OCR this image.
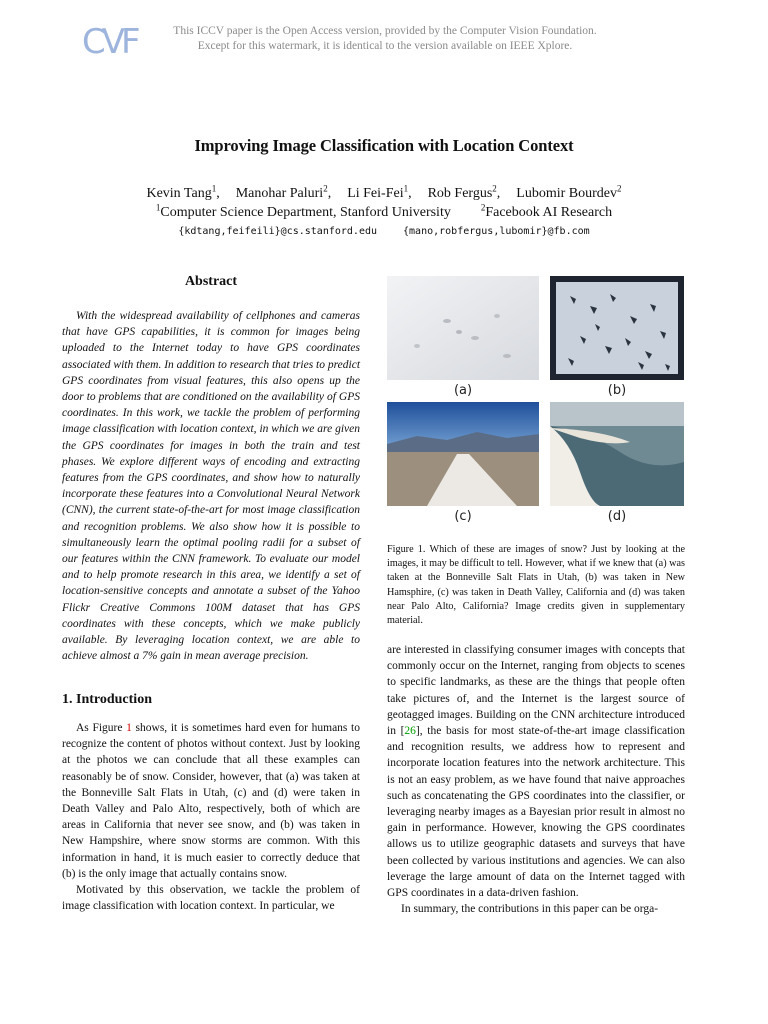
CVF	This ICCV paper is the Open Access version, provided by the Computer Vision Foundation.
Except for this watermark, it is identical to the version available on IEEE Xplore.
Improving Image Classification with Location Context
Kevin Tang$^1$, Manohar Paluri$^2$, Li Fei-Fei$^1$, Rob Fergus$^2$, Lubomir Bourdev$^2$
$^1$Computer Science Department, Stanford University	$^2$Facebook AI Research
{kdtang,feifeili}@cs.stanford.edu	{mano,robfergus,lubomir}@fb.com
Abstract

With the widespread availability of cellphones and cameras that have GPS capabilities, it is common for images being uploaded to the Internet today to have GPS coordinates associated with them. In addition to research that tries to predict GPS coordinates from visual features, this also opens up the door to problems that are conditioned on the availability of GPS coordinates. In this work, we tackle the problem of performing image classification with location context, in which we are given the GPS coordinates for images in both the train and test phases. We explore different ways of encoding and extracting features from the GPS coordinates, and show how to naturally incorporate these features into a Convolutional Neural Network (CNN), the current state-of-the-art for most image classification and recognition problems. We also show how it is possible to simultaneously learn the optimal pooling radii for a subset of our features within the CNN framework. To evaluate our model and to help promote research in this area, we identify a set of location-sensitive concepts and annotate a subset of the Yahoo Flickr Creative Commons 100M dataset that has GPS coordinates with these concepts, which we make publicly available. By leveraging location context, we are able to achieve almost a 7% gain in mean average precision.

1. Introduction

As Figure 1 shows, it is sometimes hard even for humans to recognize the content of photos without context. Just by looking at the photos we can conclude that all these examples can reasonably be of snow. Consider, however, that (a) was taken at the Bonneville Salt Flats in Utah, (c) and (d) were taken in Death Valley and Palo Alto, respectively, both of which are areas in California that never see snow, and (b) was taken in New Hampshire, where snow storms are common. With this information in hand, it is much easier to correctly deduce that (b) is the only image that actually contains snow.

Motivated by this observation, we tackle the problem of image classification with location context. In particular, we

(a)	(b)
(c)	(d)
Figure 1. Which of these are images of snow? Just by looking at the images, it may be difficult to tell. However, what if we knew that (a) was taken at the Bonneville Salt Flats in Utah, (b) was taken in New Hamsphire, (c) was taken in Death Valley, California and (d) was taken near Palo Alto, California? Image credits given in supplementary material.

are interested in classifying consumer images with concepts that commonly occur on the Internet, ranging from objects to scenes to specific landmarks, as these are the things that people often take pictures of, and the Internet is the largest source of geotagged images. Building on the CNN architecture introduced in [26], the basis for most state-of-the-art image classification and recognition results, we address how to represent and incorporate location features into the network architecture. This is not an easy problem, as we have found that naive approaches such as concatenating the GPS coordinates into the classifier, or leveraging nearby images as a Bayesian prior result in almost no gain in performance. However, knowing the GPS coordinates allows us to utilize geographic datasets and surveys that have been collected by various institutions and agencies. We can also leverage the large amount of data on the Internet tagged with GPS coordinates in a data-driven fashion.

In summary, the contributions in this paper can be orga-
